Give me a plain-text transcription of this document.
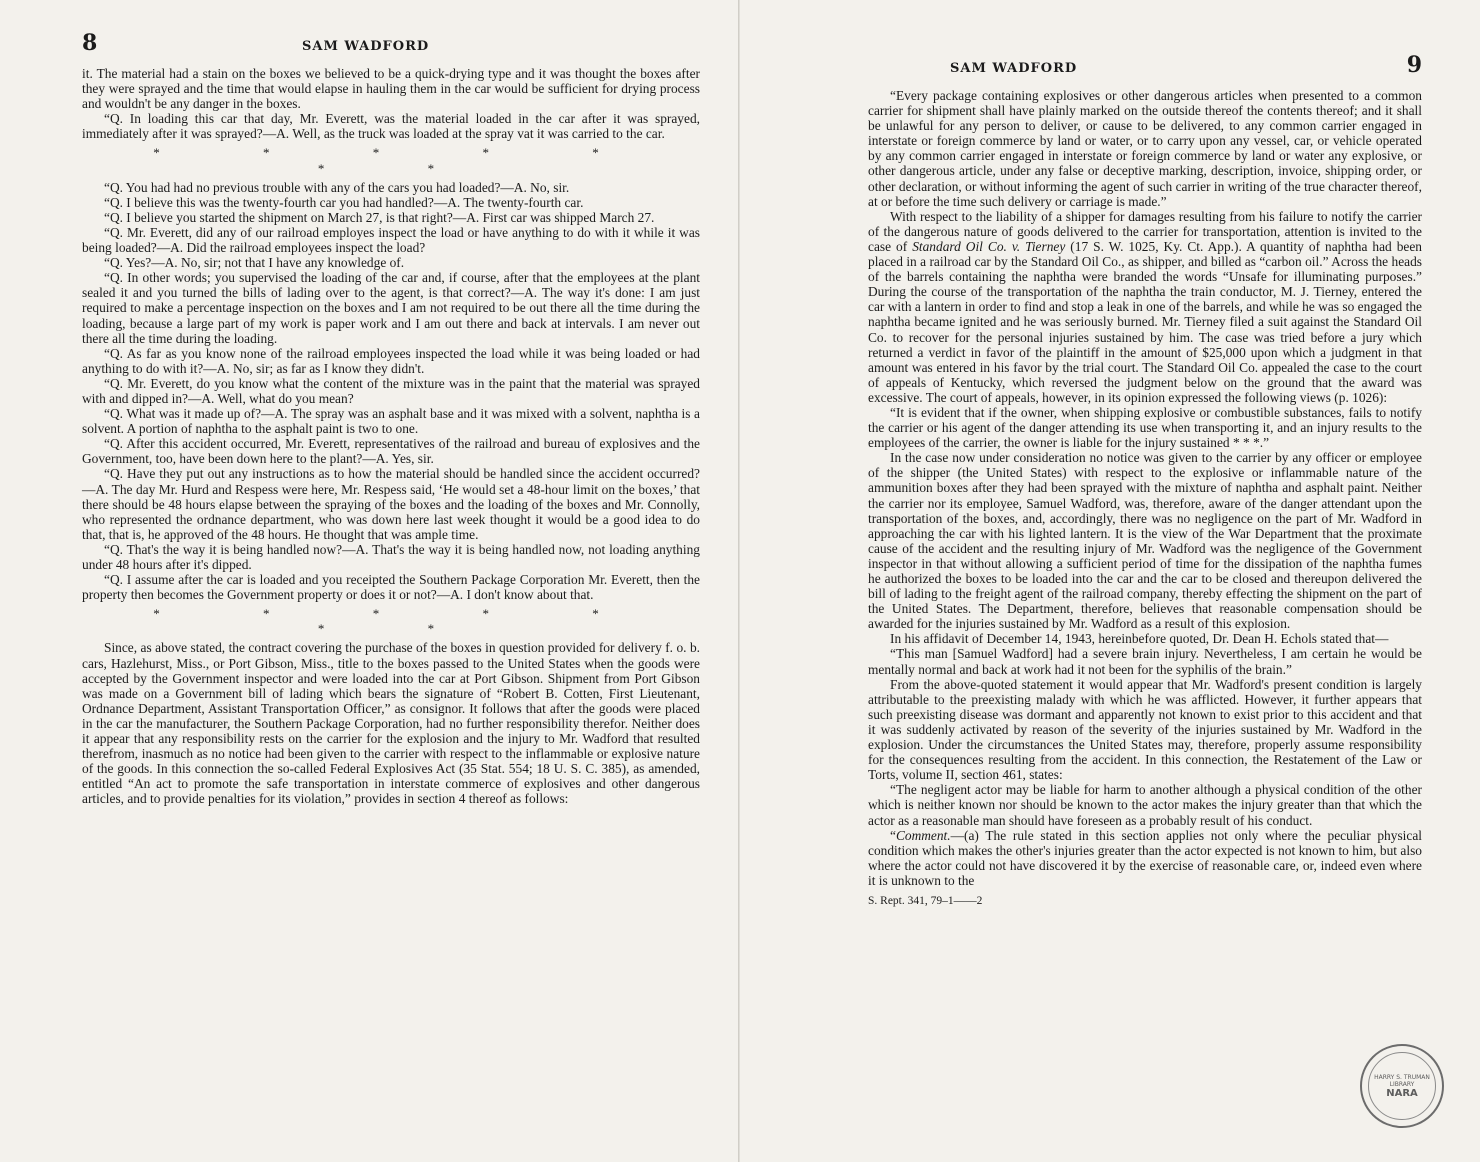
8	SAM WADFORD

it. The material had a stain on the boxes we believed to be a quick-drying type and it was thought the boxes after they were sprayed and the time that would elapse in hauling them in the car would be sufficient for drying process and wouldn't be any danger in the boxes.

“Q. In loading this car that day, Mr. Everett, was the material loaded in the car after it was sprayed, immediately after it was sprayed?—A. Well, as the truck was loaded at the spray vat it was carried to the car.

* * * * * * *

“Q. You had had no previous trouble with any of the cars you had loaded?—A. No, sir.

“Q. I believe this was the twenty-fourth car you had handled?—A. The twenty-fourth car.

“Q. I believe you started the shipment on March 27, is that right?—A. First car was shipped March 27.

“Q. Mr. Everett, did any of our railroad employes inspect the load or have anything to do with it while it was being loaded?—A. Did the railroad employees inspect the load?

“Q. Yes?—A. No, sir; not that I have any knowledge of.

“Q. In other words; you supervised the loading of the car and, if course, after that the employees at the plant sealed it and you turned the bills of lading over to the agent, is that correct?—A. The way it's done: I am just required to make a percentage inspection on the boxes and I am not required to be out there all the time during the loading, because a large part of my work is paper work and I am out there and back at intervals. I am never out there all the time during the loading.

“Q. As far as you know none of the railroad employees inspected the load while it was being loaded or had anything to do with it?—A. No, sir; as far as I know they didn't.

“Q. Mr. Everett, do you know what the content of the mixture was in the paint that the material was sprayed with and dipped in?—A. Well, what do you mean?

“Q. What was it made up of?—A. The spray was an asphalt base and it was mixed with a solvent, naphtha is a solvent. A portion of naphtha to the asphalt paint is two to one.

“Q. After this accident occurred, Mr. Everett, representatives of the railroad and bureau of explosives and the Government, too, have been down here to the plant?—A. Yes, sir.

“Q. Have they put out any instructions as to how the material should be handled since the accident occurred?—A. The day Mr. Hurd and Respess were here, Mr. Respess said, ‘He would set a 48-hour limit on the boxes,’ that there should be 48 hours elapse between the spraying of the boxes and the loading of the boxes and Mr. Connolly, who represented the ordnance department, who was down here last week thought it would be a good idea to do that, that is, he approved of the 48 hours. He thought that was ample time.

“Q. That's the way it is being handled now?—A. That's the way it is being handled now, not loading anything under 48 hours after it's dipped.

“Q. I assume after the car is loaded and you receipted the Southern Package Corporation Mr. Everett, then the property then becomes the Government property or does it or not?—A. I don't know about that.

* * * * * * *

Since, as above stated, the contract covering the purchase of the boxes in question provided for delivery f. o. b. cars, Hazlehurst, Miss., or Port Gibson, Miss., title to the boxes passed to the United States when the goods were accepted by the Government inspector and were loaded into the car at Port Gibson. Shipment from Port Gibson was made on a Government bill of lading which bears the signature of “Robert B. Cotten, First Lieutenant, Ordnance Department, Assistant Transportation Officer,” as consignor. It follows that after the goods were placed in the car the manufacturer, the Southern Package Corporation, had no further responsibility therefor. Neither does it appear that any responsibility rests on the carrier for the explosion and the injury to Mr. Wadford that resulted therefrom, inasmuch as no notice had been given to the carrier with respect to the inflammable or explosive nature of the goods. In this connection the so-called Federal Explosives Act (35 Stat. 554; 18 U. S. C. 385), as amended, entitled “An act to promote the safe transportation in interstate commerce of explosives and other dangerous articles, and to provide penalties for its violation,” provides in section 4 thereof as follows:

SAM WADFORD	9

“Every package containing explosives or other dangerous articles when presented to a common carrier for shipment shall have plainly marked on the outside thereof the contents thereof; and it shall be unlawful for any person to deliver, or cause to be delivered, to any common carrier engaged in interstate or foreign commerce by land or water, or to carry upon any vessel, car, or vehicle operated by any common carrier engaged in interstate or foreign commerce by land or water any explosive, or other dangerous article, under any false or deceptive marking, description, invoice, shipping order, or other declaration, or without informing the agent of such carrier in writing of the true character thereof, at or before the time such delivery or carriage is made.”

With respect to the liability of a shipper for damages resulting from his failure to notify the carrier of the dangerous nature of goods delivered to the carrier for transportation, attention is invited to the case of Standard Oil Co. v. Tierney (17 S. W. 1025, Ky. Ct. App.). A quantity of naphtha had been placed in a railroad car by the Standard Oil Co., as shipper, and billed as “carbon oil.” Across the heads of the barrels containing the naphtha were branded the words “Unsafe for illuminating purposes.” During the course of the transportation of the naphtha the train conductor, M. J. Tierney, entered the car with a lantern in order to find and stop a leak in one of the barrels, and while he was so engaged the naphtha became ignited and he was seriously burned. Mr. Tierney filed a suit against the Standard Oil Co. to recover for the personal injuries sustained by him. The case was tried before a jury which returned a verdict in favor of the plaintiff in the amount of $25,000 upon which a judgment in that amount was entered in his favor by the trial court. The Standard Oil Co. appealed the case to the court of appeals of Kentucky, which reversed the judgment below on the ground that the award was excessive. The court of appeals, however, in its opinion expressed the following views (p. 1026):

“It is evident that if the owner, when shipping explosive or combustible substances, fails to notify the carrier or his agent of the danger attending its use when transporting it, and an injury results to the employees of the carrier, the owner is liable for the injury sustained * * *.”

In the case now under consideration no notice was given to the carrier by any officer or employee of the shipper (the United States) with respect to the explosive or inflammable nature of the ammunition boxes after they had been sprayed with the mixture of naphtha and asphalt paint. Neither the carrier nor its employee, Samuel Wadford, was, therefore, aware of the danger attendant upon the transportation of the boxes, and, accordingly, there was no negligence on the part of Mr. Wadford in approaching the car with his lighted lantern. It is the view of the War Department that the proximate cause of the accident and the resulting injury of Mr. Wadford was the negligence of the Government inspector in that without allowing a sufficient period of time for the dissipation of the naphtha fumes he authorized the boxes to be loaded into the car and the car to be closed and thereupon delivered the bill of lading to the freight agent of the railroad company, thereby effecting the shipment on the part of the United States. The Department, therefore, believes that reasonable compensation should be awarded for the injuries sustained by Mr. Wadford as a result of this explosion.

In his affidavit of December 14, 1943, hereinbefore quoted, Dr. Dean H. Echols stated that—

“This man [Samuel Wadford] had a severe brain injury. Nevertheless, I am certain he would be mentally normal and back at work had it not been for the syphilis of the brain.”

From the above-quoted statement it would appear that Mr. Wadford's present condition is largely attributable to the preexisting malady with which he was afflicted. However, it further appears that such preexisting disease was dormant and apparently not known to exist prior to this accident and that it was suddenly activated by reason of the severity of the injuries sustained by Mr. Wadford in the explosion. Under the circumstances the United States may, therefore, properly assume responsibility for the consequences resulting from the accident. In this connection, the Restatement of the Law or Torts, volume II, section 461, states:

“The negligent actor may be liable for harm to another although a physical condition of the other which is neither known nor should be known to the actor makes the injury greater than that which the actor as a reasonable man should have foreseen as a probably result of his conduct.

“Comment.—(a) The rule stated in this section applies not only where the peculiar physical condition which makes the other's injuries greater than the actor expected is not known to him, but also where the actor could not have discovered it by the exercise of reasonable care, or, indeed even where it is unknown to the

S. Rept. 341, 79–1——2
HARRY S. TRUMAN LIBRARY
NARA
